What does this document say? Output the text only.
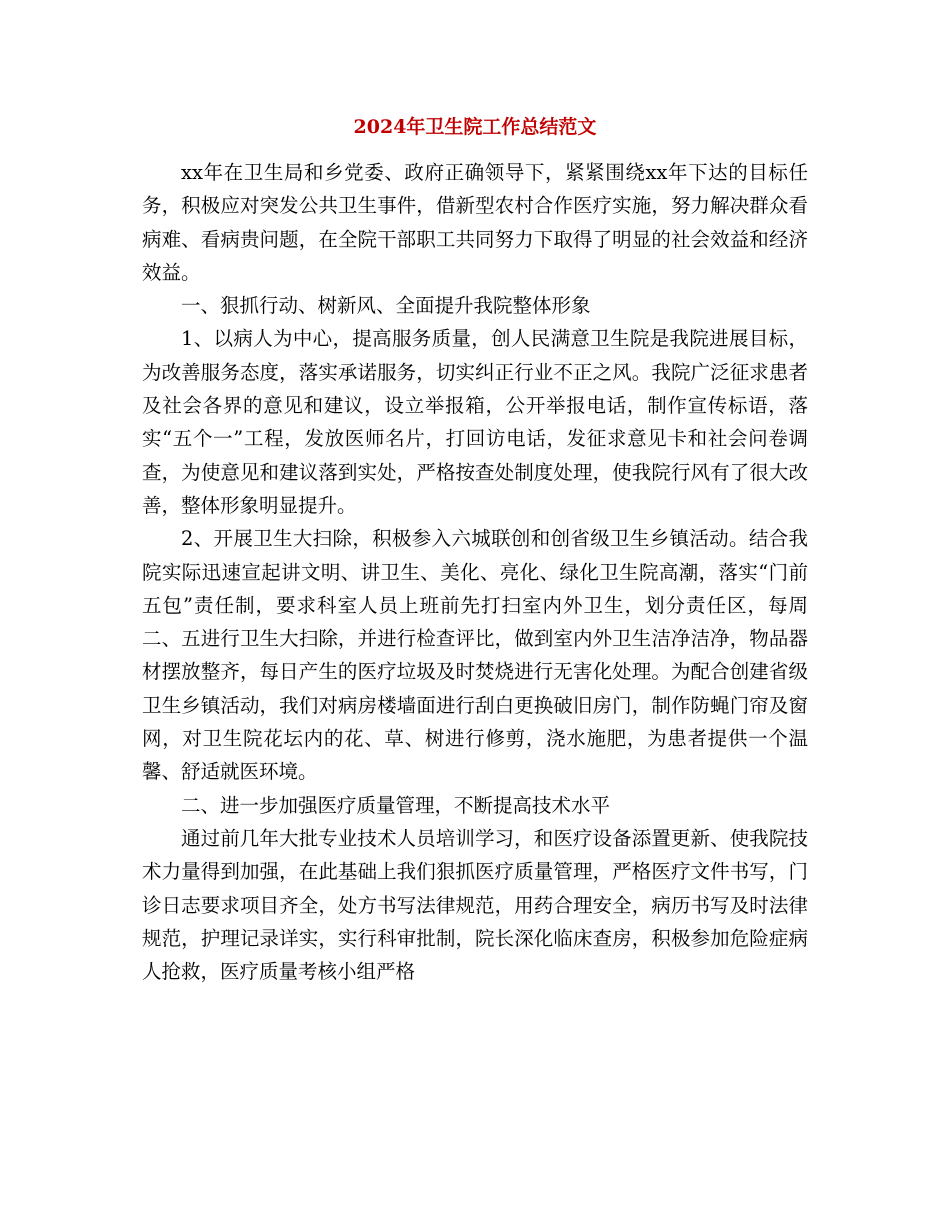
2024年卫生院工作总结范文

xx年在卫生局和乡党委、政府正确领导下，紧紧围绕xx年下达的目标任务，积极应对突发公共卫生事件，借新型农村合作医疗实施，努力解决群众看病难、看病贵问题，在全院干部职工共同努力下取得了明显的社会效益和经济效益。

一、狠抓行动、树新风、全面提升我院整体形象

1、以病人为中心，提高服务质量，创人民满意卫生院是我院进展目标，为改善服务态度，落实承诺服务，切实纠正行业不正之风。我院广泛征求患者及社会各界的意见和建议，设立举报箱，公开举报电话，制作宣传标语，落实“五个一”工程，发放医师名片，打回访电话，发征求意见卡和社会问卷调查，为使意见和建议落到实处，严格按查处制度处理，使我院行风有了很大改善，整体形象明显提升。

2、开展卫生大扫除，积极参入六城联创和创省级卫生乡镇活动。结合我院实际迅速宣起讲文明、讲卫生、美化、亮化、绿化卫生院高潮，落实“门前五包”责任制，要求科室人员上班前先打扫室内外卫生，划分责任区，每周二、五进行卫生大扫除，并进行检查评比，做到室内外卫生洁净洁净，物品器材摆放整齐，每日产生的医疗垃圾及时焚烧进行无害化处理。为配合创建省级卫生乡镇活动，我们对病房楼墙面进行刮白更换破旧房门，制作防蝇门帘及窗网，对卫生院花坛内的花、草、树进行修剪，浇水施肥，为患者提供一个温馨、舒适就医环境。

二、进一步加强医疗质量管理，不断提高技术水平

通过前几年大批专业技术人员培训学习，和医疗设备添置更新、使我院技术力量得到加强，在此基础上我们狠抓医疗质量管理，严格医疗文件书写，门诊日志要求项目齐全，处方书写法律规范，用药合理安全，病历书写及时法律规范，护理记录详实，实行科审批制，院长深化临床查房，积极参加危险症病人抢救，医疗质量考核小组严格
